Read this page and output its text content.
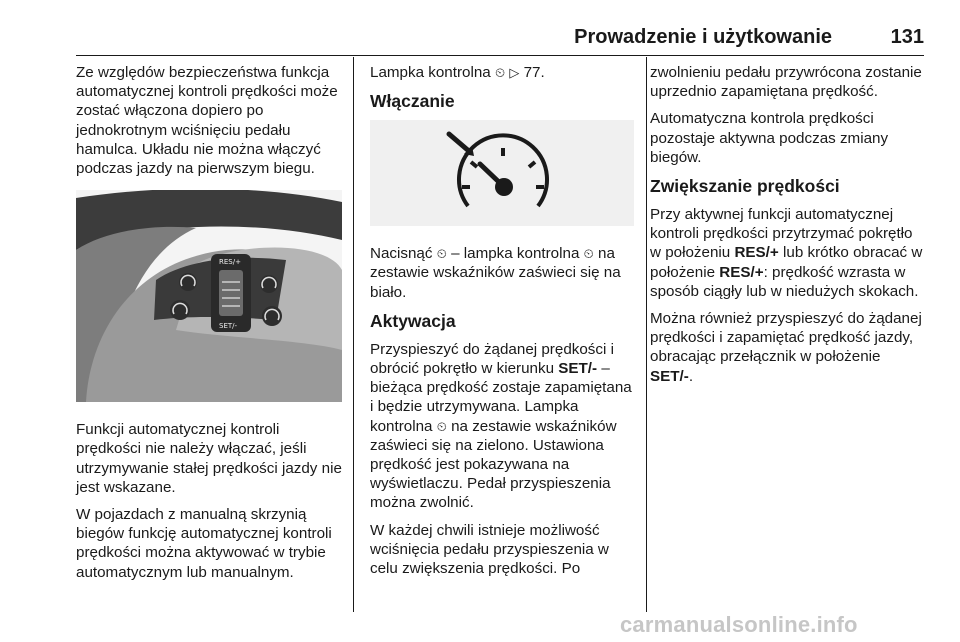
Prowadzenie i użytkowanie	131

Ze względów bezpieczeństwa funkcja automatycznej kontroli prędkości może zostać włączona dopiero po jednokrotnym wciśnięciu pedału hamulca. Układu nie można włączyć podczas jazdy na pierwszym biegu.

RES/+
SET/-

Funkcji automatycznej kontroli prędkości nie należy włączać, jeśli utrzymywanie stałej prędkości jazdy nie jest wskazane.

W pojazdach z manualną skrzynią biegów funkcję automatycznej kontroli prędkości można aktywować w trybie automatycznym lub manualnym.

Lampka kontrolna ⏲ ▷ 77.

Włączanie

Nacisnąć ⏲ – lampka kontrolna ⏲ na zestawie wskaźników zaświeci się na biało.

Aktywacja

Przyspieszyć do żądanej prędkości i obrócić pokrętło w kierunku SET/- – bieżąca prędkość zostaje zapamiętana i będzie utrzymywana. Lampka kontrolna ⏲ na zestawie wskaźników zaświeci się na zielono. Ustawiona prędkość jest pokazywana na wyświetlaczu. Pedał przyspieszenia można zwolnić.

W każdej chwili istnieje możliwość wciśnięcia pedału przyspieszenia w celu zwiększenia prędkości. Po

zwolnieniu pedału przywrócona zostanie uprzednio zapamiętana prędkość.

Automatyczna kontrola prędkości pozostaje aktywna podczas zmiany biegów.

Zwiększanie prędkości

Przy aktywnej funkcji automatycznej kontroli prędkości przytrzymać pokrętło w położeniu RES/+ lub krótko obracać w położenie RES/+: prędkość wzrasta w sposób ciągły lub w niedużych skokach.

Można również przyspieszyć do żądanej prędkości i zapamiętać prędkość jazdy, obracając przełącznik w położenie SET/-.

carmanualsonline.info
